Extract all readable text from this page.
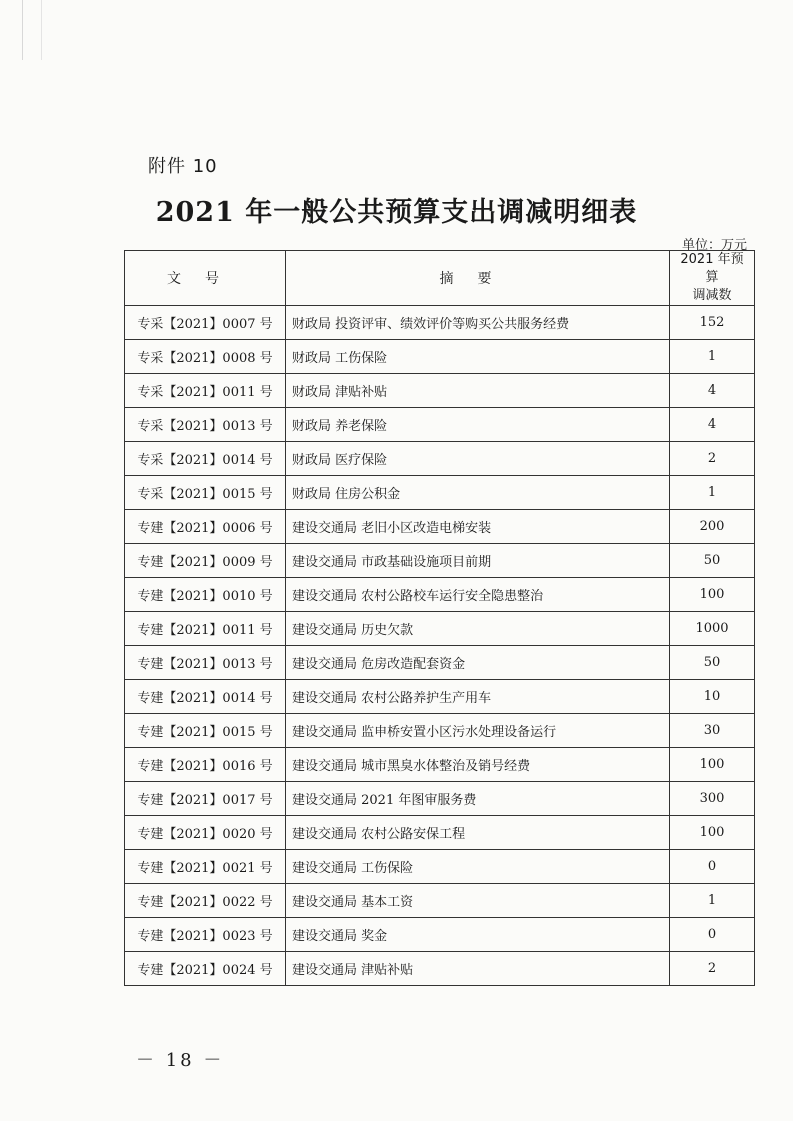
附件 10
2021 年一般公共预算支出调减明细表
单位：万元
文号	摘要	2021 年预算
调减数

专采【2021】0007 号	财政局 投资评审、绩效评价等购买公共服务经费	152
专采【2021】0008 号	财政局 工伤保险	1
专采【2021】0011 号	财政局 津贴补贴	4
专采【2021】0013 号	财政局 养老保险	4
专采【2021】0014 号	财政局 医疗保险	2
专采【2021】0015 号	财政局 住房公积金	1
专建【2021】0006 号	建设交通局 老旧小区改造电梯安装	200
专建【2021】0009 号	建设交通局 市政基础设施项目前期	50
专建【2021】0010 号	建设交通局 农村公路校车运行安全隐患整治	100
专建【2021】0011 号	建设交通局 历史欠款	1000
专建【2021】0013 号	建设交通局 危房改造配套资金	50
专建【2021】0014 号	建设交通局 农村公路养护生产用车	10
专建【2021】0015 号	建设交通局 监申桥安置小区污水处理设备运行	30
专建【2021】0016 号	建设交通局 城市黑臭水体整治及销号经费	100
专建【2021】0017 号	建设交通局 2021 年图审服务费	300
专建【2021】0020 号	建设交通局 农村公路安保工程	100
专建【2021】0021 号	建设交通局 工伤保险	0
专建【2021】0022 号	建设交通局 基本工资	1
专建【2021】0023 号	建设交通局 奖金	0
专建【2021】0024 号	建设交通局 津贴补贴	2
－ 18 －
